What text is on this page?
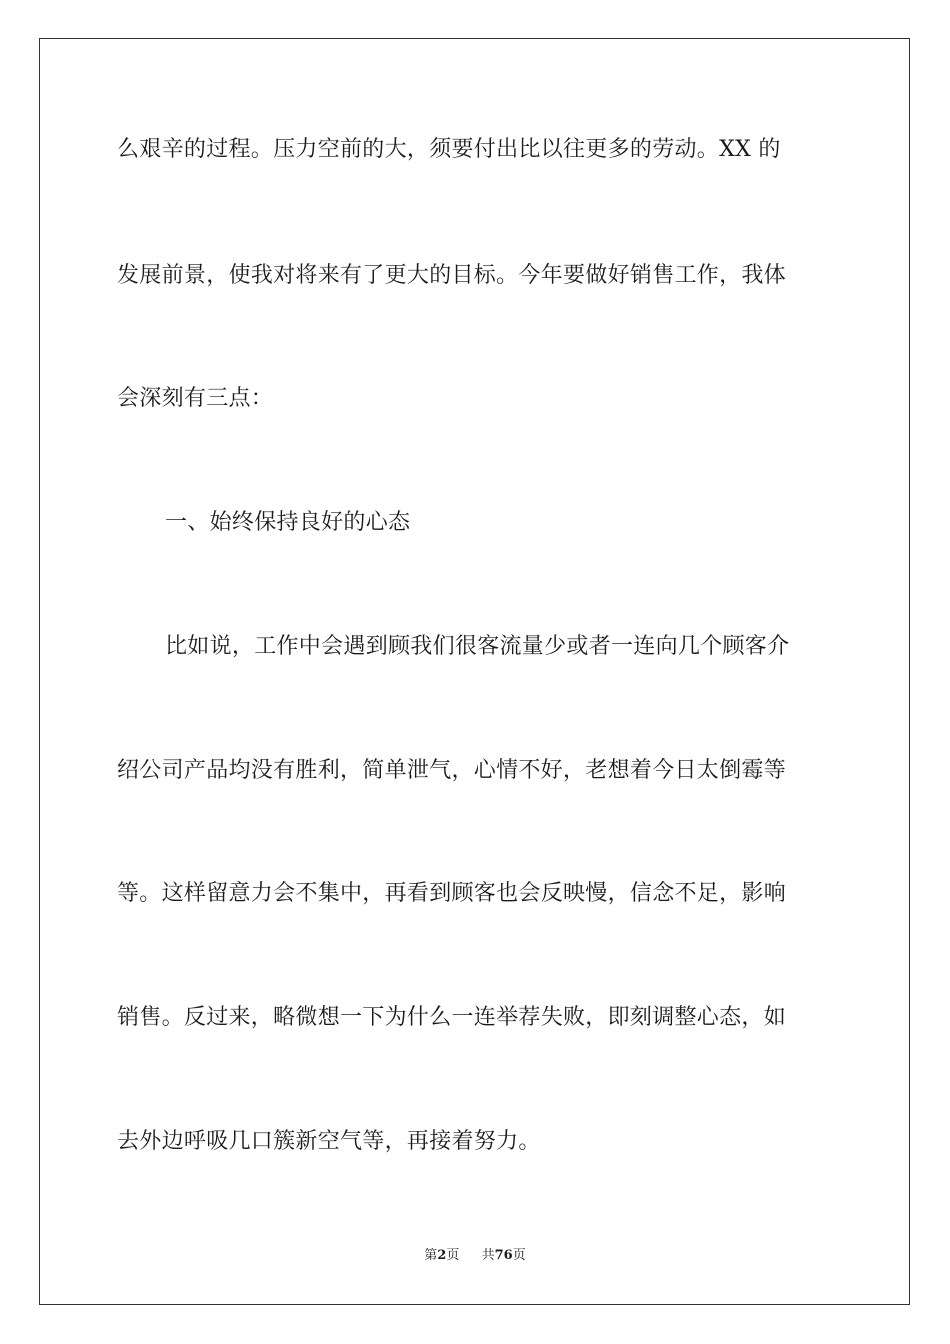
么艰辛的过程。压力空前的大，须要付出比以往更多的劳动。XX 的
发展前景，使我对将来有了更大的目标。今年要做好销售工作，我体
会深刻有三点：
一、始终保持良好的心态
比如说，工作中会遇到顾我们很客流量少或者一连向几个顾客介
绍公司产品均没有胜利，简单泄气，心情不好，老想着今日太倒霉等
等。这样留意力会不集中，再看到顾客也会反映慢，信念不足，影响
销售。反过来，略微想一下为什么一连举荐失败，即刻调整心态，如
去外边呼吸几口簇新空气等，再接着努力。
第2页 共76页
